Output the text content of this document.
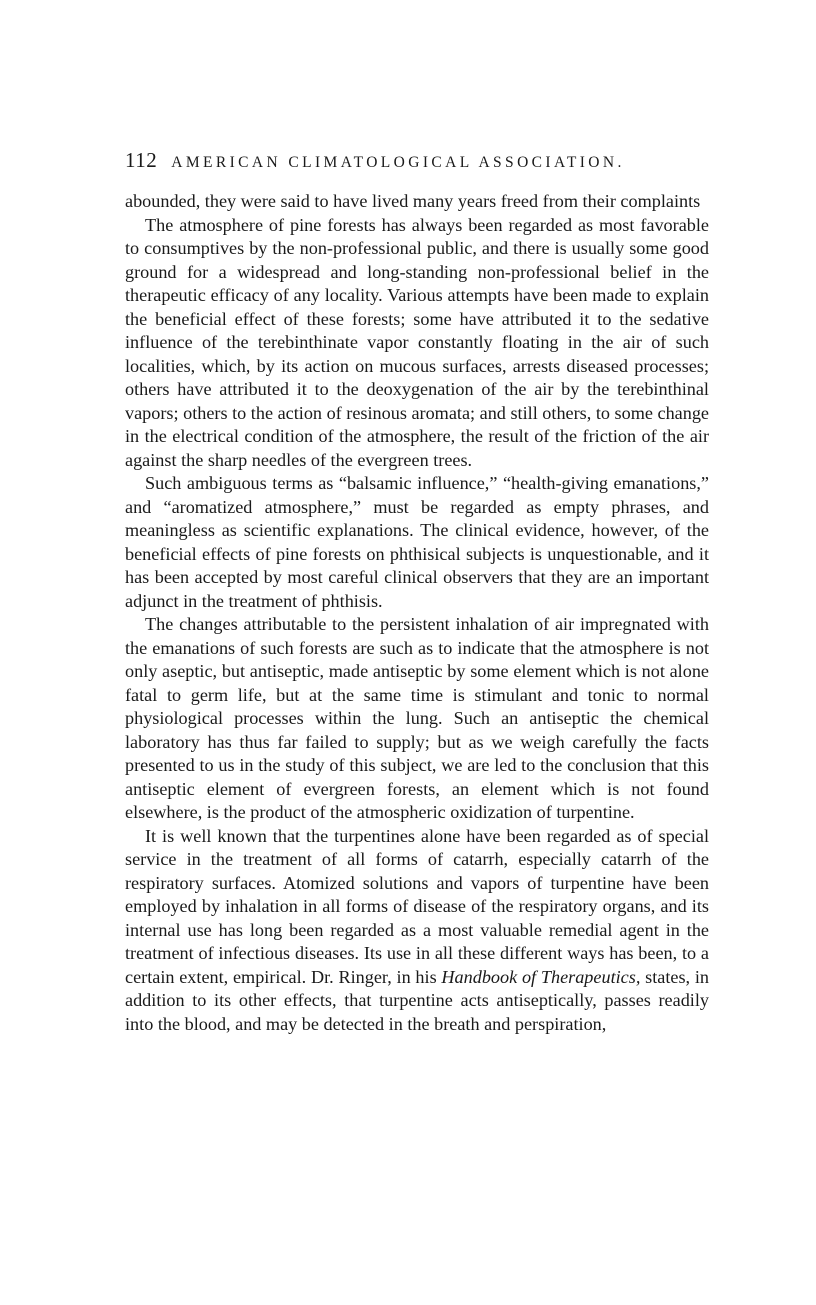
112 AMERICAN CLIMATOLOGICAL ASSOCIATION.

abounded, they were said to have lived many years freed from their complaints

The atmosphere of pine forests has always been regarded as most favorable to consumptives by the non-professional public, and there is usually some good ground for a widespread and long-standing non-professional belief in the therapeutic efficacy of any locality. Various attempts have been made to explain the beneficial effect of these forests; some have attributed it to the sedative influence of the terebinthinate vapor constantly floating in the air of such localities, which, by its action on mucous surfaces, arrests diseased processes; others have attributed it to the deoxygenation of the air by the terebinthinal vapors; others to the action of resinous aromata; and still others, to some change in the electrical condition of the atmosphere, the result of the friction of the air against the sharp needles of the evergreen trees.

Such ambiguous terms as “balsamic influence,” “health-giving emanations,” and “aromatized atmosphere,” must be regarded as empty phrases, and meaningless as scientific explanations. The clinical evidence, however, of the beneficial effects of pine forests on phthisical subjects is unquestionable, and it has been accepted by most careful clinical observers that they are an important adjunct in the treatment of phthisis.

The changes attributable to the persistent inhalation of air impregnated with the emanations of such forests are such as to indicate that the atmosphere is not only aseptic, but antiseptic, made antiseptic by some element which is not alone fatal to germ life, but at the same time is stimulant and tonic to normal physiological processes within the lung. Such an antiseptic the chemical laboratory has thus far failed to supply; but as we weigh carefully the facts presented to us in the study of this subject, we are led to the conclusion that this antiseptic element of evergreen forests, an element which is not found elsewhere, is the product of the atmospheric oxidization of turpentine.

It is well known that the turpentines alone have been regarded as of special service in the treatment of all forms of catarrh, especially catarrh of the respiratory surfaces. Atomized solutions and vapors of turpentine have been employed by inhalation in all forms of disease of the respiratory organs, and its internal use has long been regarded as a most valuable remedial agent in the treatment of infectious diseases. Its use in all these different ways has been, to a certain extent, empirical. Dr. Ringer, in his Handbook of Therapeutics, states, in addition to its other effects, that turpentine acts antiseptically, passes readily into the blood, and may be detected in the breath and perspiration,
